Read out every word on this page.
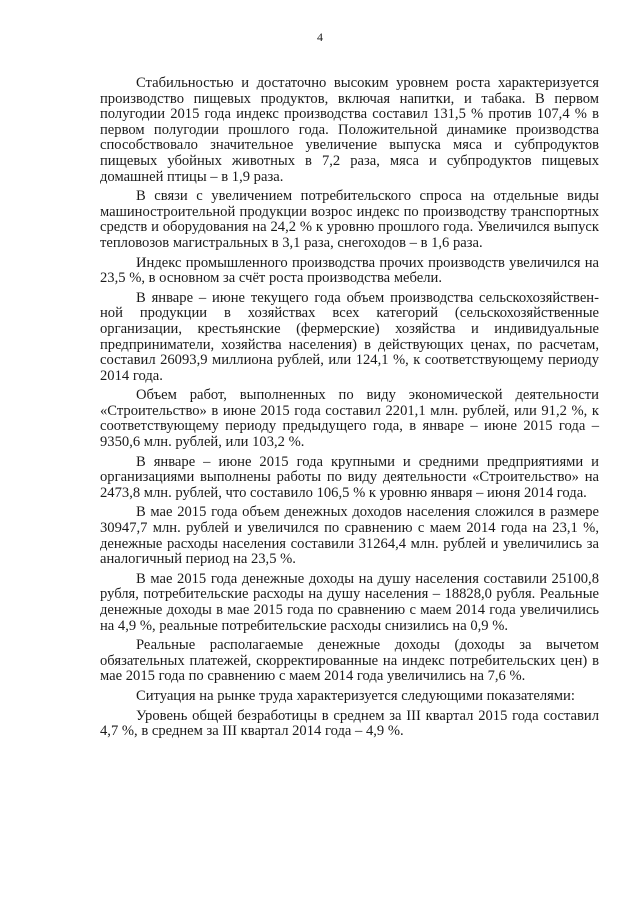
4

Стабильностью и достаточно высоким уровнем роста характеризуется производство пищевых продуктов, включая напитки, и табака. В первом полугодии 2015 года индекс производства составил 131,5 % против 107,4 % в первом полугодии прошлого года. Положительной динамике производства способствовало значительное увеличение выпуска мяса и субпродуктов пищевых убойных животных в 7,2 раза, мяса и субпродуктов пищевых домашней птицы – в 1,9 раза.

В связи с увеличением потребительского спроса на отдельные виды машиностроительной продукции возрос индекс по производству транспортных средств и оборудования на 24,2 % к уровню прошлого года. Увеличился выпуск тепловозов магистральных в 3,1 раза, снегоходов – в 1,6 раза.

Индекс промышленного производства прочих производств увеличился на 23,5 %, в основном за счёт роста производства мебели.

В январе – июне текущего года объем производства сельскохозяйственной продукции в хозяйствах всех категорий (сельскохозяйственные организации, крестьянские (фермерские) хозяйства и индивидуальные предприниматели, хозяйства населения) в действующих ценах, по расчетам, составил 26093,9 миллиона рублей, или 124,1 %, к соответствующему периоду 2014 года.

Объем работ, выполненных по виду экономической деятельности «Строительство» в июне 2015 года составил 2201,1 млн. рублей, или 91,2 %, к соответствующему периоду предыдущего года, в январе – июне 2015 года – 9350,6 млн. рублей, или 103,2 %.

В январе – июне 2015 года крупными и средними предприятиями и организациями выполнены работы по виду деятельности «Строительство» на 2473,8 млн. рублей, что составило 106,5 % к уровню января – июня 2014 года.

В мае 2015 года объем денежных доходов населения сложился в размере 30947,7 млн. рублей и увеличился по сравнению с маем 2014 года на 23,1 %, денежные расходы населения составили 31264,4 млн. рублей и увеличились за аналогичный период на 23,5 %.

В мае 2015 года денежные доходы на душу населения составили 25100,8 рубля, потребительские расходы на душу населения – 18828,0 рубля. Реальные денежные доходы в мае 2015 года по сравнению с маем 2014 года увеличились на 4,9 %, реальные потребительские расходы снизились на 0,9 %.

Реальные располагаемые денежные доходы (доходы за вычетом обязательных платежей, скорректированные на индекс потребительских цен) в мае 2015 года по сравнению с маем 2014 года увеличились на 7,6 %.

Ситуация на рынке труда характеризуется следующими показателями:

Уровень общей безработицы в среднем за III квартал 2015 года составил 4,7 %, в среднем за III квартал 2014 года – 4,9 %.
